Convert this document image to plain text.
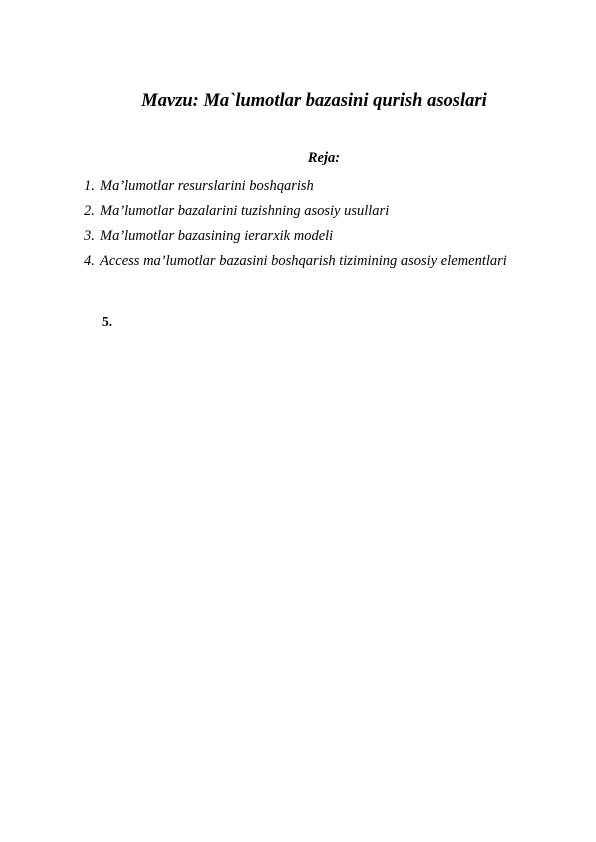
Mavzu: Ma`lumotlar bazasini qurish asoslari
Reja:
1. Ma’lumotlar resurslarini boshqarish
2. Ma’lumotlar bazalarini tuzishning asosiy usullari
3. Ma’lumotlar bazasining ierarxik modeli
4. Access ma’lumotlar bazasini boshqarish tizimining asosiy elementlari
5.
